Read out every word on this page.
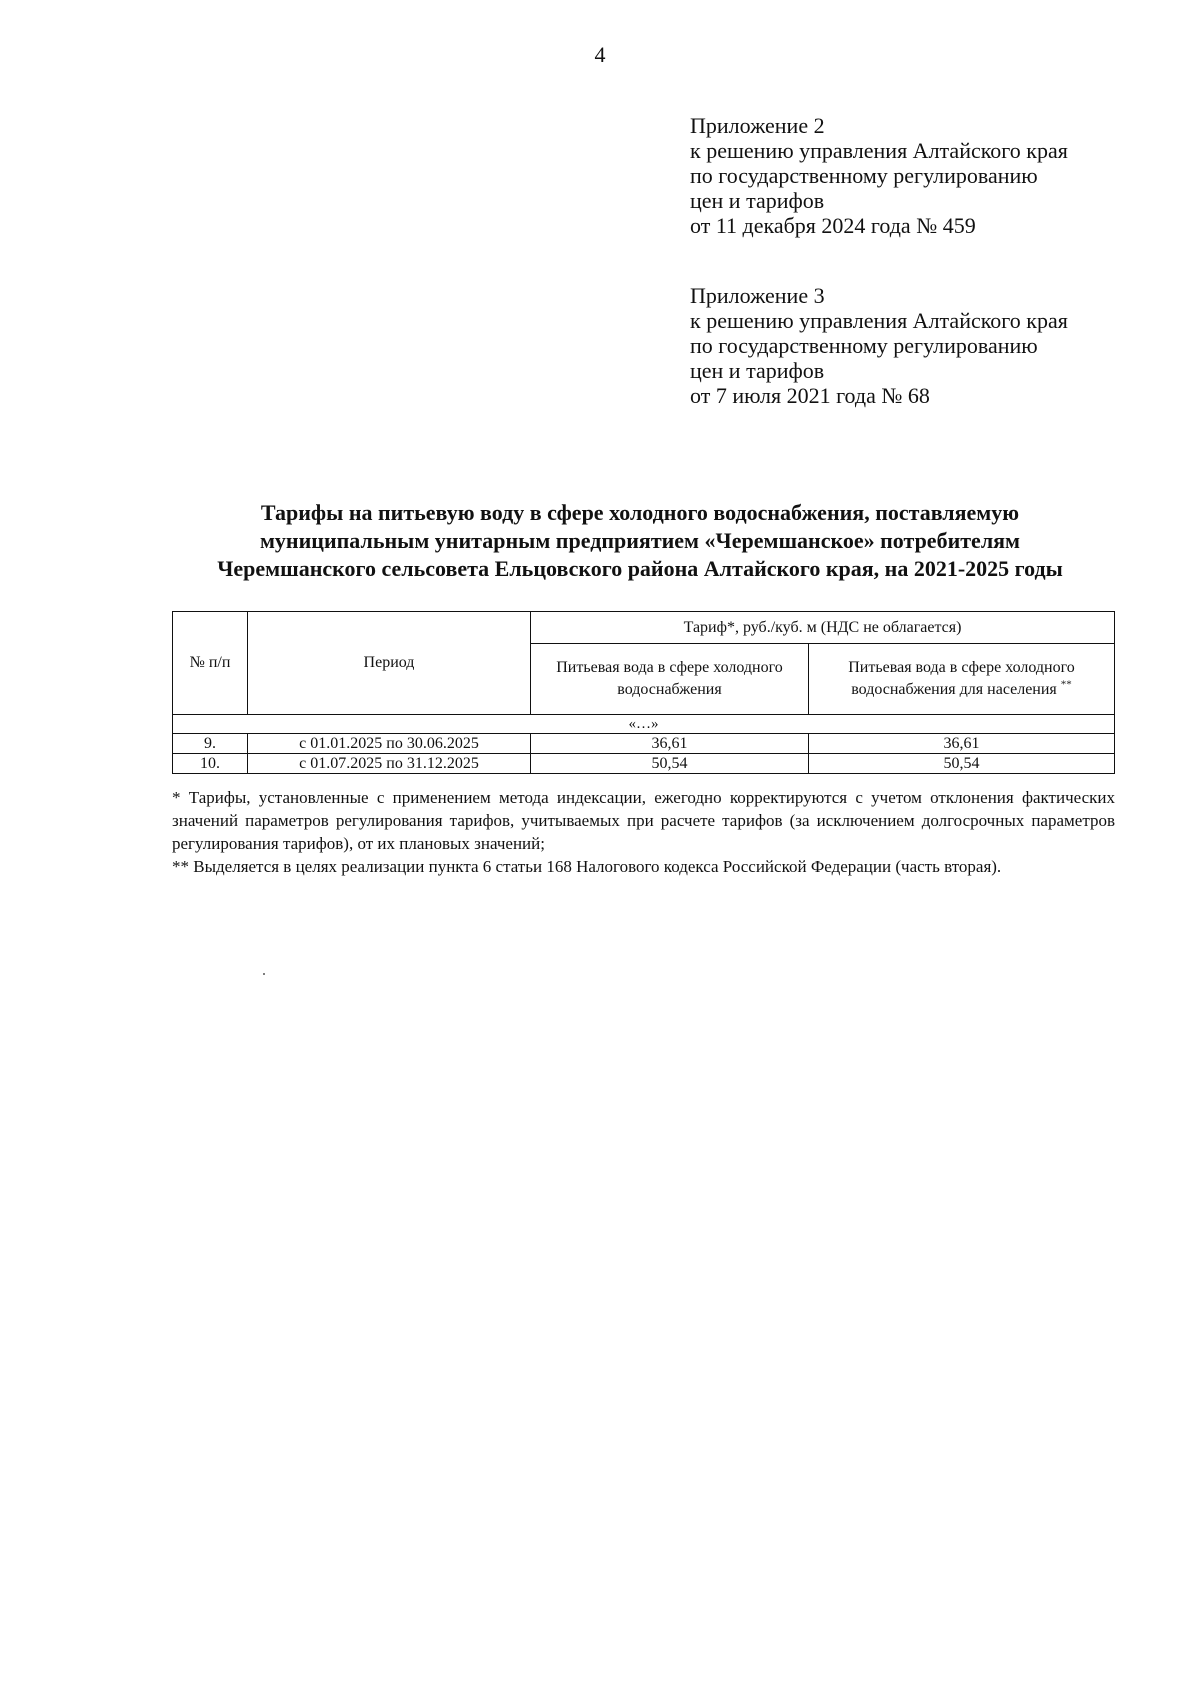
4
Приложение 2
к решению управления Алтайского края
по государственному регулированию
цен и тарифов
от 11 декабря 2024 года № 459
Приложение 3
к решению управления Алтайского края
по государственному регулированию
цен и тарифов
от 7 июля 2021 года № 68
Тарифы на питьевую воду в сфере холодного водоснабжения, поставляемую
муниципальным унитарным предприятием «Черемшанское» потребителям
Черемшанского сельсовета Ельцовского района Алтайского края, на 2021-2025 годы
№ п/п	Период	Тариф*, руб./куб. м (НДС не облагается)	
		Питьевая вода в сфере холодного водоснабжения	Питьевая вода в сфере холодного водоснабжения для населения **
«…»			
9.	с 01.01.2025 по 30.06.2025	36,61	36,61
10.	с 01.07.2025 по 31.12.2025	50,54	50,54

* Тарифы, установленные с применением метода индексации, ежегодно корректируются с учетом отклонения фактических значений параметров регулирования тарифов, учитываемых при расчете тарифов (за исключением долгосрочных параметров регулирования тарифов), от их плановых значений;

** Выделяется в целях реализации пункта 6 статьи 168 Налогового кодекса Российской Федерации (часть вторая).
